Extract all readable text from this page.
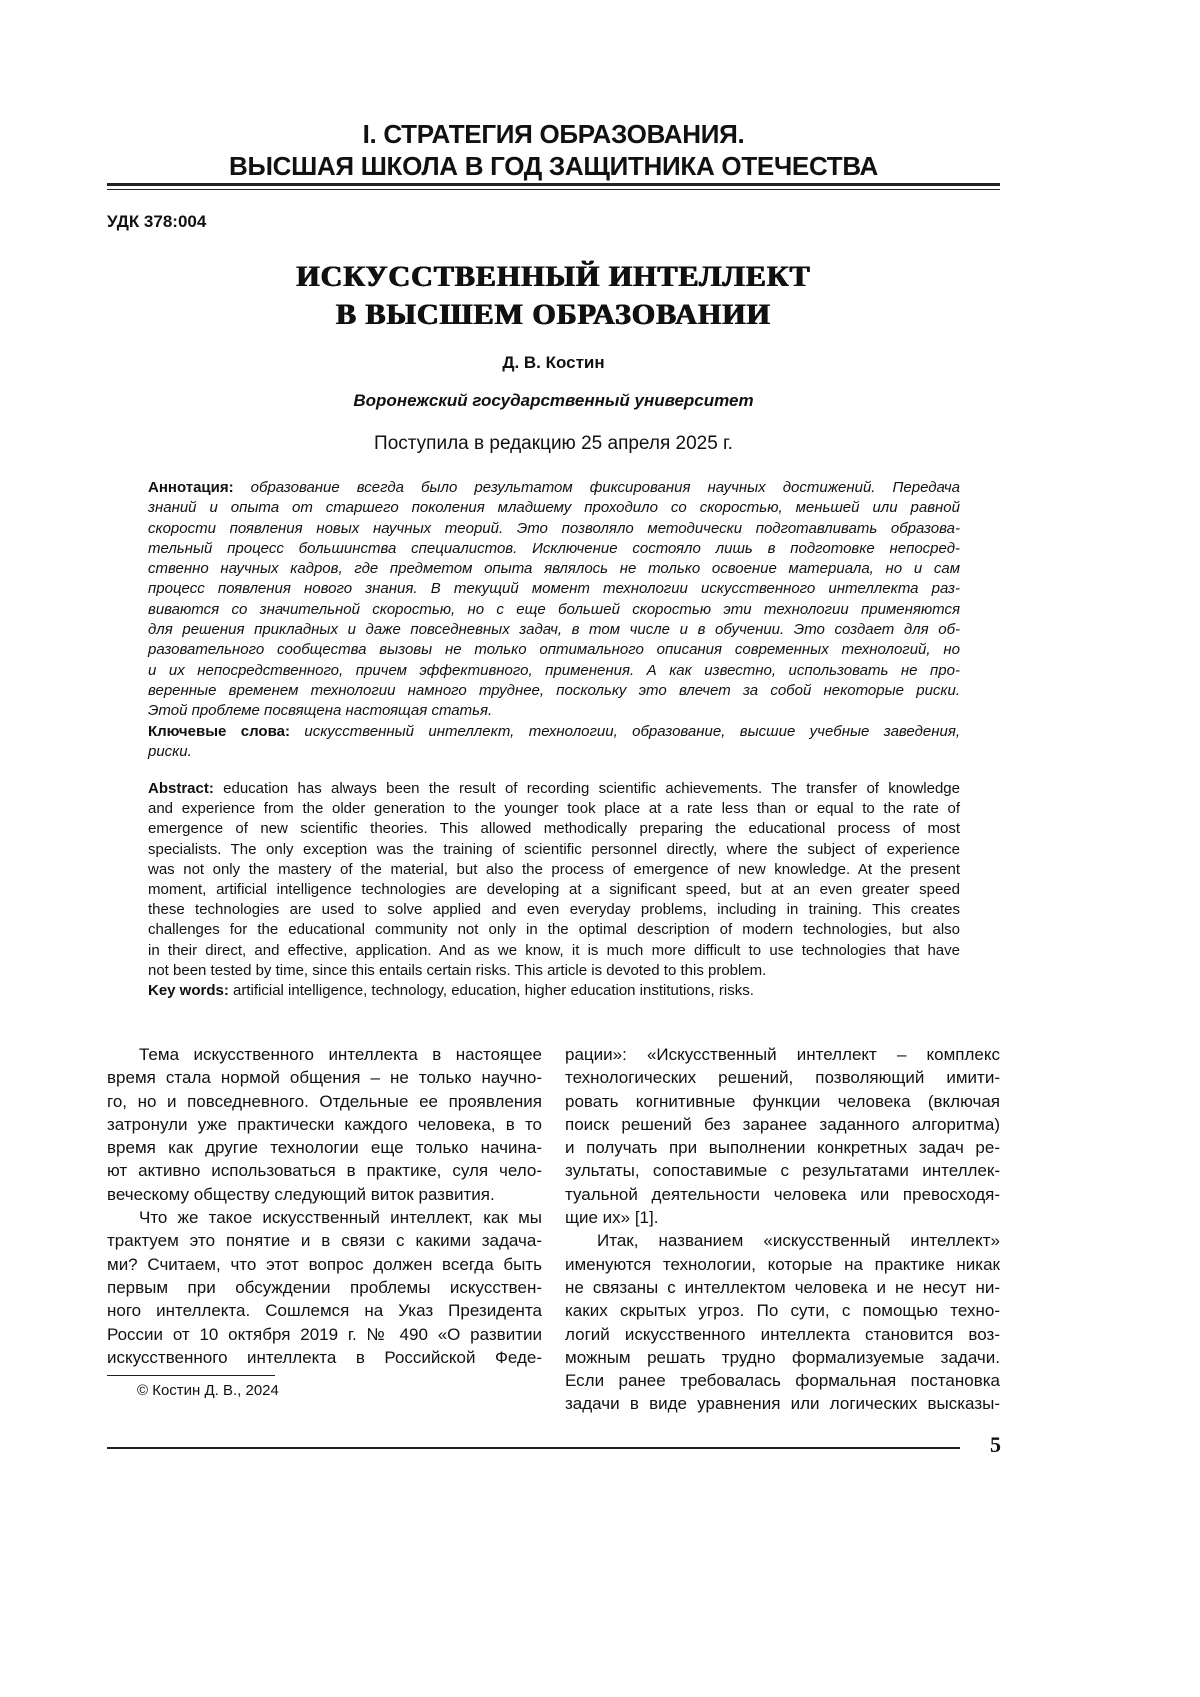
I. СТРАТЕГИЯ ОБРАЗОВАНИЯ.
ВЫСШАЯ ШКОЛА В ГОД ЗАЩИТНИКА ОТЕЧЕСТВА
УДК 378:004
ИСКУССТВЕННЫЙ ИНТЕЛЛЕКТ
В ВЫСШЕМ ОБРАЗОВАНИИ
Д. В. Костин
Воронежский государственный университет
Поступила в редакцию 25 апреля 2025 г.
Аннотация: образование всегда было результатом фиксирования научных достижений. Передача
знаний и опыта от старшего поколения младшему проходило со скоростью, меньшей или равной
скорости появления новых научных теорий. Это позволяло методически подготавливать образова-
тельный процесс большинства специалистов. Исключение состояло лишь в подготовке непосред-
ственно научных кадров, где предметом опыта являлось не только освоение материала, но и сам
процесс появления нового знания. В текущий момент технологии искусственного интеллекта раз-
виваются со значительной скоростью, но с еще большей скоростью эти технологии применяются
для решения прикладных и даже повседневных задач, в том числе и в обучении. Это создает для об-
разовательного сообщества вызовы не только оптимального описания современных технологий, но
и их непосредственного, причем эффективного, применения. А как известно, использовать не про-
веренные временем технологии намного труднее, поскольку это влечет за собой некоторые риски.
Этой проблеме посвящена настоящая статья.
Ключевые слова: искусственный интеллект, технологии, образование, высшие учебные заведения,
риски.
Abstract: education has always been the result of recording scientific achievements. The transfer of knowledge
and experience from the older generation to the younger took place at a rate less than or equal to the rate of
emergence of new scientific theories. This allowed methodically preparing the educational process of most
specialists. The only exception was the training of scientific personnel directly, where the subject of experience
was not only the mastery of the material, but also the process of emergence of new knowledge. At the present
moment, artificial intelligence technologies are developing at a significant speed, but at an even greater speed
these technologies are used to solve applied and even everyday problems, including in training. This creates
challenges for the educational community not only in the optimal description of modern technologies, but also
in their direct, and effective, application. And as we know, it is much more difficult to use technologies that have
not been tested by time, since this entails certain risks. This article is devoted to this problem.
Key words: artificial intelligence, technology, education, higher education institutions, risks.
Тема искусственного интеллекта в настоящее
время стала нормой общения – не только научно-
го, но и повседневного. Отдельные ее проявления
затронули уже практически каждого человека, в то
время как другие технологии еще только начина-
ют активно использоваться в практике, суля чело-
веческому обществу следующий виток развития.
Что же такое искусственный интеллект, как мы
трактуем это понятие и в связи с какими задача-
ми? Считаем, что этот вопрос должен всегда быть
первым при обсуждении проблемы искусствен-
ного интеллекта. Сошлемся на Указ Президента
России от 10 октября 2019 г. № 490 «О развитии
искусственного интеллекта в Российской Феде-
рации»: «Искусственный интеллект – комплекс
технологических решений, позволяющий имити-
ровать когнитивные функции человека (включая
поиск решений без заранее заданного алгоритма)
и получать при выполнении конкретных задач ре-
зультаты, сопоставимые с результатами интеллек-
туальной деятельности человека или превосходя-
щие их» [1].
Итак, названием «искусственный интеллект»
именуются технологии, которые на практике никак
не связаны с интеллектом человека и не несут ни-
каких скрытых угроз. По сути, с помощью техно-
логий искусственного интеллекта становится воз-
можным решать трудно формализуемые задачи.
Если ранее требовалась формальная постановка
задачи в виде уравнения или логических высказы-
© Костин Д. В., 2024
5
